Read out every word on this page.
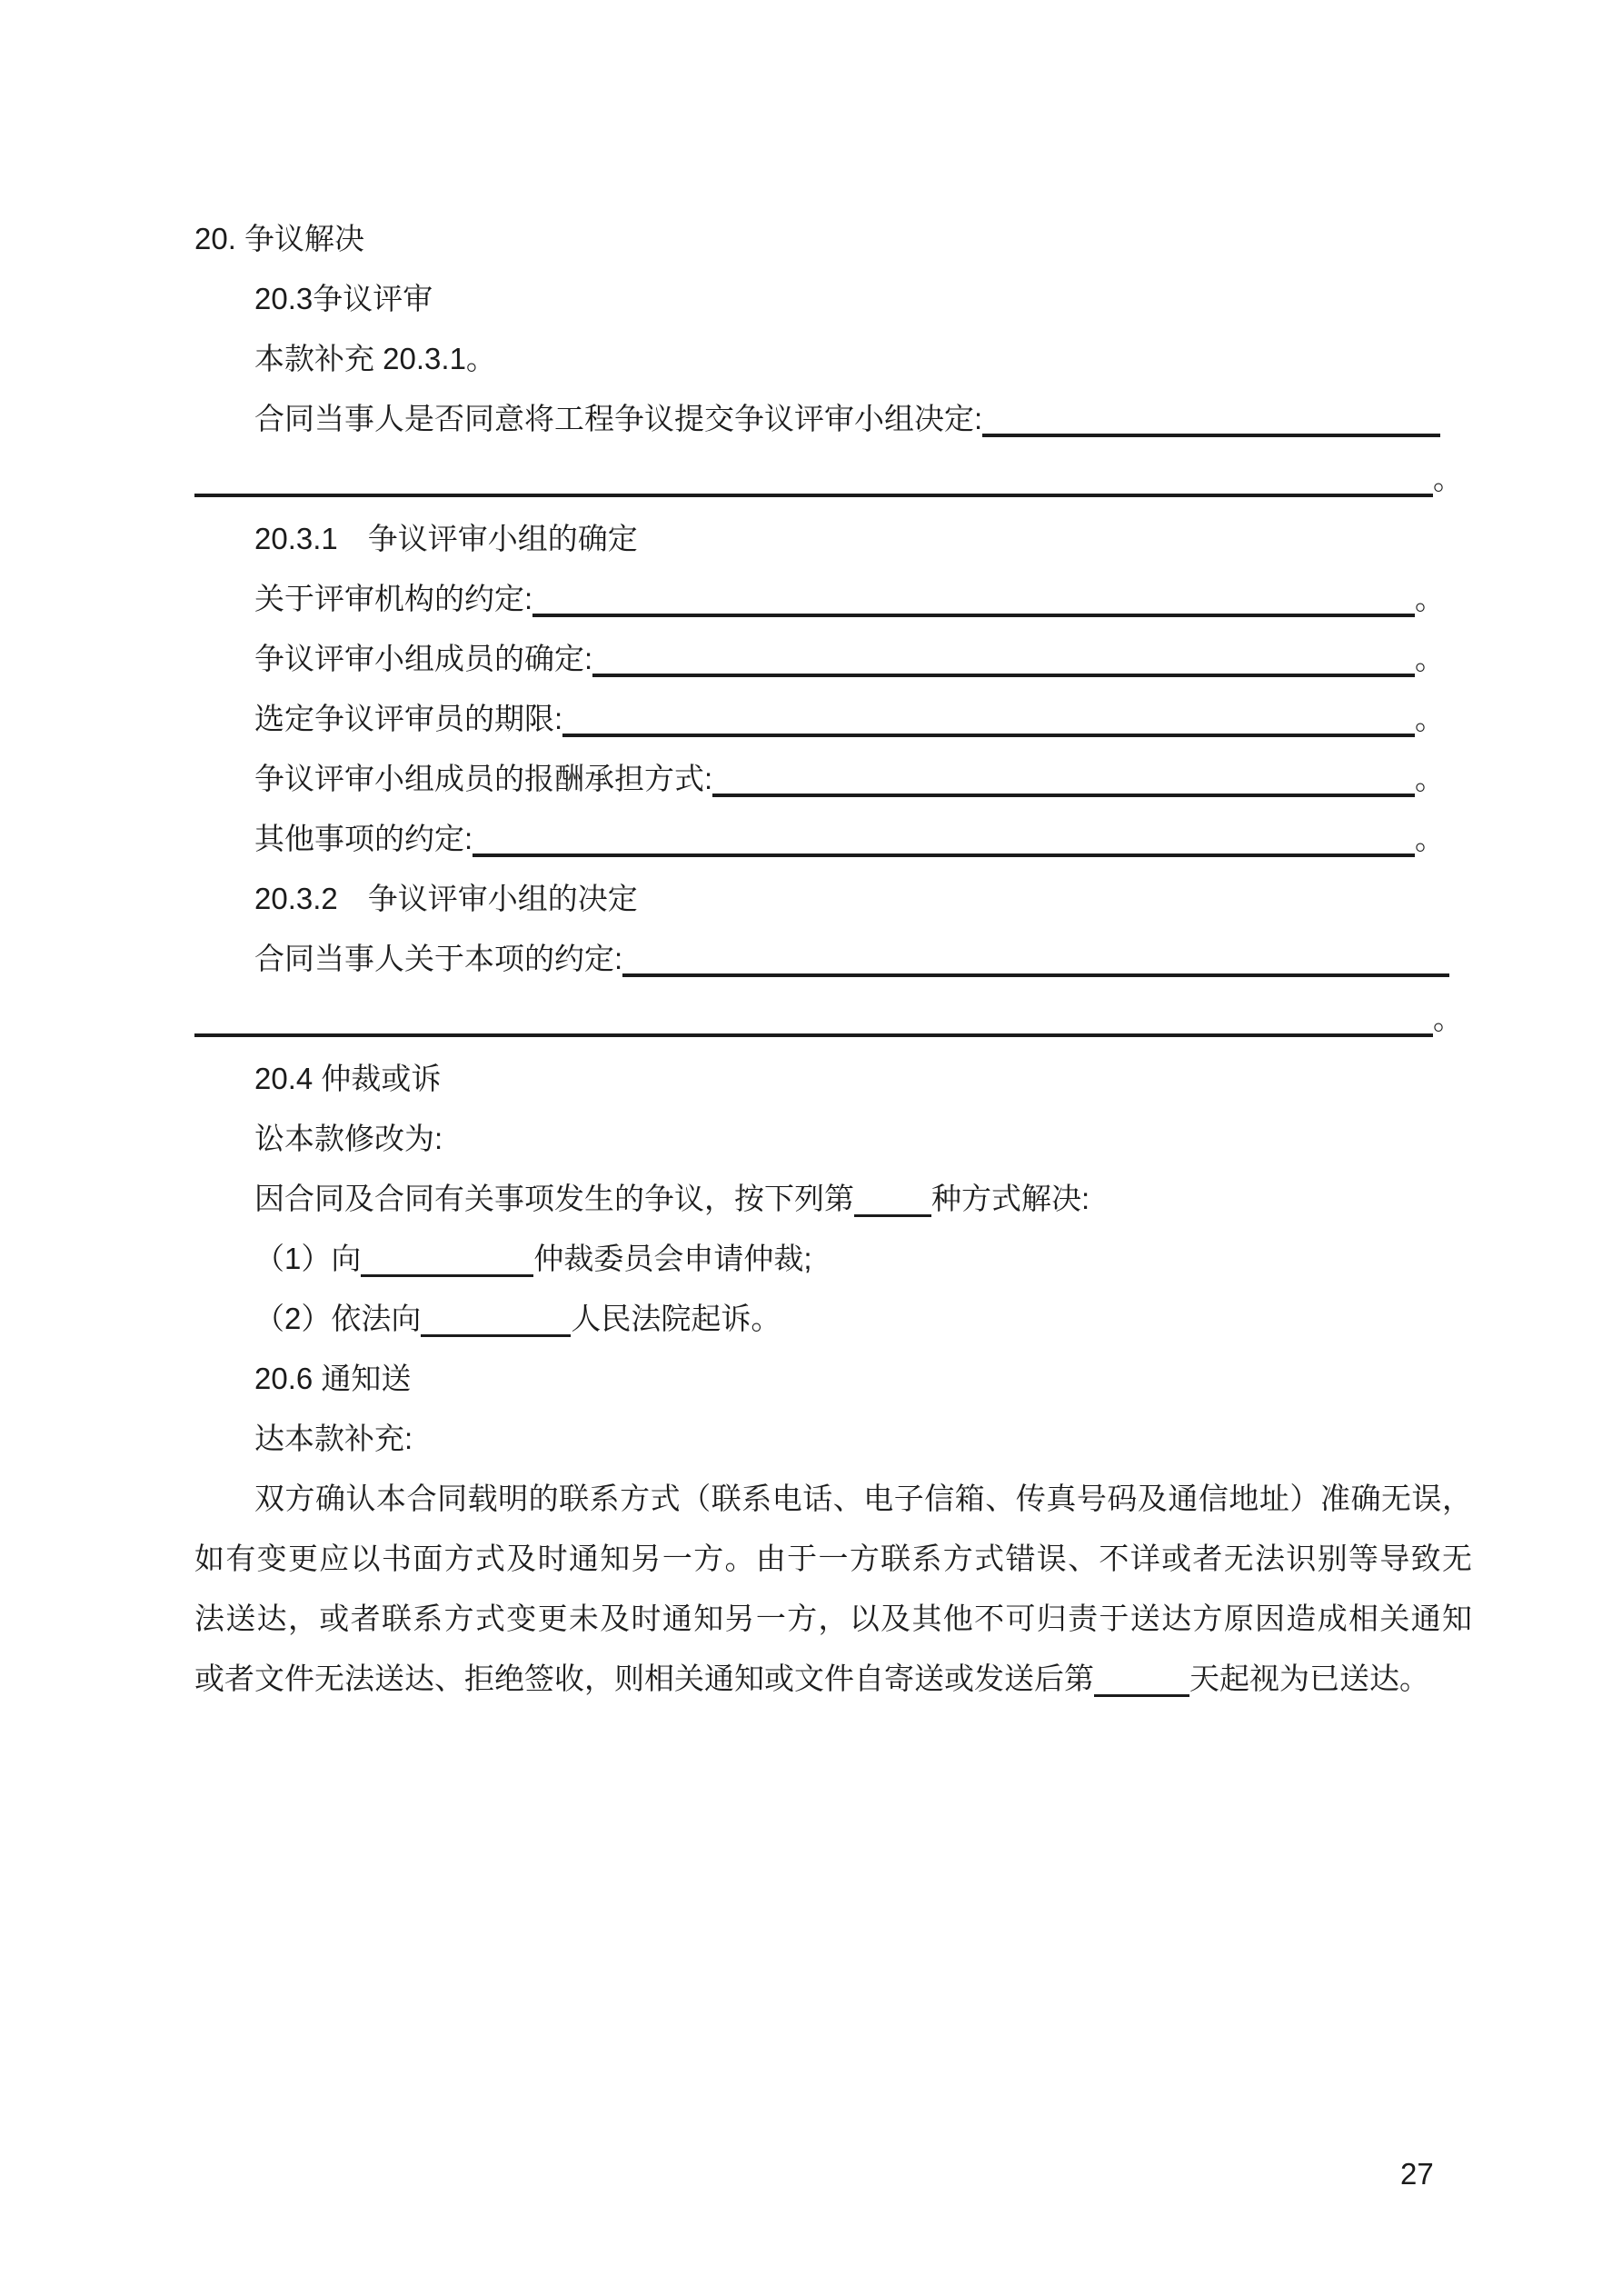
20. 争议解决
20.3争议评审
本款补充 20.3.1。
合同当事人是否同意将工程争议提交争议评审小组决定:
。
20.3.1　争议评审小组的确定
关于评审机构的约定:	。
争议评审小组成员的确定:	。
选定争议评审员的期限:	。
争议评审小组成员的报酬承担方式:	。
其他事项的约定:	。
20.3.2　争议评审小组的决定
合同当事人关于本项的约定:
。
20.4 仲裁或诉
讼本款修改为:
因合同及合同有关事项发生的争议，按下列第	种方式解决:
（1）向	仲裁委员会申请仲裁;
（2）依法向	人民法院起诉。
20.6 通知送
达本款补充:
双方确认本合同载明的联系方式（联系电话、电子信箱、传真号码及通信地址）准确无误，
如有变更应以书面方式及时通知另一方。由于一方联系方式错误、不详或者无法识别等导致无
法送达，或者联系方式变更未及时通知另一方，以及其他不可归责于送达方原因造成相关通知
或者文件无法送达、拒绝签收，则相关通知或文件自寄送或发送后第	天起视为已送达。
27
